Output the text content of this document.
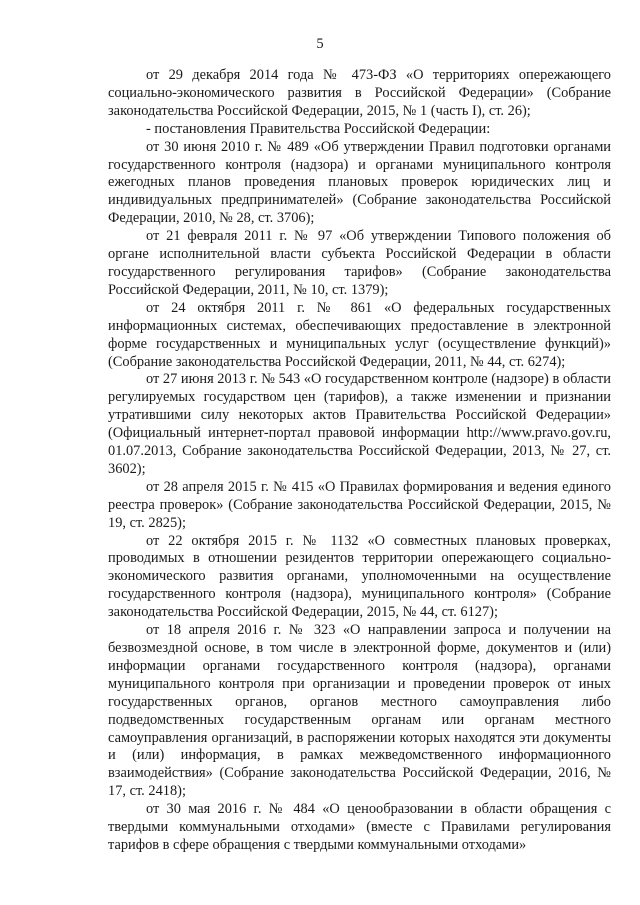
5

от 29 декабря 2014 года № 473-ФЗ «О территориях опережающего социально-экономического развития в Российской Федерации» (Собрание законодательства Российской Федерации, 2015, № 1 (часть I), ст. 26);

- постановления Правительства Российской Федерации:

от 30 июня 2010 г. № 489 «Об утверждении Правил подготовки органами государственного контроля (надзора) и органами муниципального контроля ежегодных планов проведения плановых проверок юридических лиц и индивидуальных предпринимателей» (Собрание законодательства Российской Федерации, 2010, № 28, ст. 3706);

от 21 февраля 2011 г. № 97 «Об утверждении Типового положения об органе исполнительной власти субъекта Российской Федерации в области государственного регулирования тарифов» (Собрание законодательства Российской Федерации, 2011, № 10, ст. 1379);

от 24 октября 2011 г. № 861 «О федеральных государственных информационных системах, обеспечивающих предоставление в электронной форме государственных и муниципальных услуг (осуществление функций)» (Собрание законодательства Российской Федерации, 2011, № 44, ст. 6274);

от 27 июня 2013 г. № 543 «О государственном контроле (надзоре) в области регулируемых государством цен (тарифов), а также изменении и признании утратившими силу некоторых актов Правительства Российской Федерации» (Официальный интернет-портал правовой информации http://www.pravo.gov.ru, 01.07.2013, Собрание законодательства Российской Федерации, 2013, № 27, ст. 3602);

от 28 апреля 2015 г. № 415 «О Правилах формирования и ведения единого реестра проверок» (Собрание законодательства Российской Федерации, 2015, № 19, ст. 2825);

от 22 октября 2015 г. № 1132 «О совместных плановых проверках, проводимых в отношении резидентов территории опережающего социально-экономического развития органами, уполномоченными на осуществление государственного контроля (надзора), муниципального контроля» (Собрание законодательства Российской Федерации, 2015, № 44, ст. 6127);

от 18 апреля 2016 г. № 323 «О направлении запроса и получении на безвозмездной основе, в том числе в электронной форме, документов и (или) информации органами государственного контроля (надзора), органами муниципального контроля при организации и проведении проверок от иных государственных органов, органов местного самоуправления либо подведомственных государственным органам или органам местного самоуправления организаций, в распоряжении которых находятся эти документы и (или) информация, в рамках межведомственного информационного взаимодействия» (Собрание законодательства Российской Федерации, 2016, № 17, ст. 2418);

от 30 мая 2016 г. № 484 «О ценообразовании в области обращения с твердыми коммунальными отходами» (вместе с Правилами регулирования тарифов в сфере обращения с твердыми коммунальными отходами»
